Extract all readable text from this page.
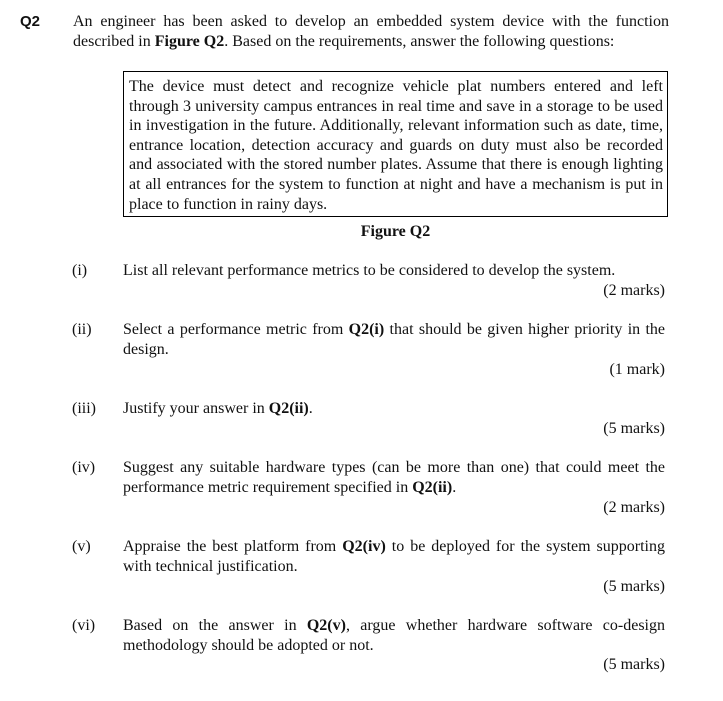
Q2 An engineer has been asked to develop an embedded system device with the function described in Figure Q2. Based on the requirements, answer the following questions:
The device must detect and recognize vehicle plat numbers entered and left through 3 university campus entrances in real time and save in a storage to be used in investigation in the future. Additionally, relevant information such as date, time, entrance location, detection accuracy and guards on duty must also be recorded and associated with the stored number plates. Assume that there is enough lighting at all entrances for the system to function at night and have a mechanism is put in place to function in rainy days.
Figure Q2
(i) List all relevant performance metrics to be considered to develop the system.
(2 marks)
(ii) Select a performance metric from Q2(i) that should be given higher priority in the design.
(1 mark)
(iii) Justify your answer in Q2(ii).
(5 marks)
(iv) Suggest any suitable hardware types (can be more than one) that could meet the performance metric requirement specified in Q2(ii).
(2 marks)
(v) Appraise the best platform from Q2(iv) to be deployed for the system supporting with technical justification.
(5 marks)
(vi) Based on the answer in Q2(v), argue whether hardware software co-design methodology should be adopted or not.
(5 marks)
